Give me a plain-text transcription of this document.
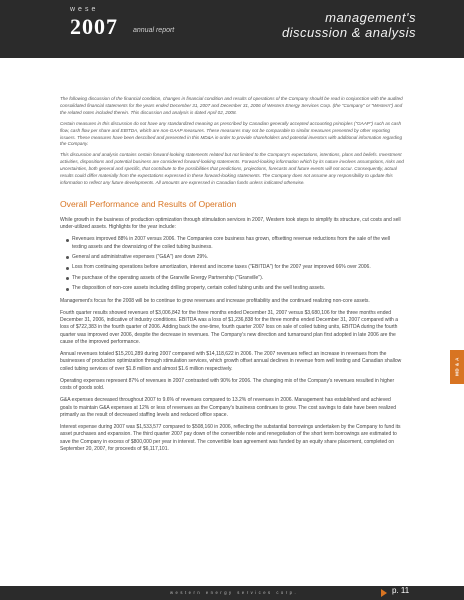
wese
2007 annual report
management's
discussion & analysis

The following discussion of the financial condition, changes in financial condition and results of operations of the Company should be read in conjunction with the audited consolidated financial statements for the years ended December 31, 2007 and December 31, 2006 of Western Energy Services Corp. (the "Company" or "Western") and the related notes included therein. This discussion and analysis is dated April 02, 2008.

Certain measures in this discussion do not have any standardized meaning as prescribed by Canadian generally accepted accounting principles ("GAAP") such as cash flow, cash flow per share and EBITDA, which are non-GAAP measures. These measures may not be comparable to similar measures presented by other reporting issuers. These measures have been described and presented in this MD&A in order to provide shareholders and potential investors with additional information regarding the Company.

This discussion and analysis contains certain forward-looking statements related but not limited to the Company's expectations, intentions, plans and beliefs. Investment activities, dispositions and potential business are considered forward-looking statements. Forward-looking information which by its nature involves assumptions, risks and uncertainties, both general and specific, that contribute to the possibilities that predictions, projections, forecasts and future events will not occur. Consequently, actual results could differ materially from the expectations expressed in these forward-looking statements. The Company does not assume any responsibility to update this information to reflect any future developments. All amounts are expressed in Canadian funds unless indicated otherwise.

Overall Performance and Results of Operation

While growth in the business of production optimization through stimulation services in 2007, Western took steps to simplify its structure, cut costs and sell under-utilized assets. Highlights for the year include:

Revenues improved 88% in 2007 versus 2006. The Companies core business has grown, offsetting revenue reductions from the sale of the well testing assets and the downsizing of the coiled tubing business.
General and administrative expenses ("G&A") are down 29%.
Loss from continuing operations before amortization, interest and income taxes ("EBITDA") for the 2007 year improved 66% over 2006.
The purchase of the operating assets of the Granville Energy Partnership ("Granville").
The disposition of non-core assets including drilling property, certain coiled tubing units and the well testing assets.

Management's focus for the 2008 will be to continue to grow revenues and increase profitability and the continued realizing non-core assets.

Fourth quarter results showed revenues of $3,006,842 for the three months ended December 31, 2007 versus $3,680,106 for the three months ended December 31, 2006, indicative of industry conditions. EBITDA was a loss of $1,236,838 for the three months ended December 31, 2007 compared with a loss of $722,383 in the fourth quarter of 2006. Adding back the one-time, fourth quarter 2007 loss on sale of coiled tubing units, EBITDA during the fourth quarter was improved over 2006, despite the decrease in revenues. The Company's new direction and turnaround plan first adopted in late 2006 are the cause of the improved performance.

Annual revenues totaled $15,201,289 during 2007 compared with $14,118,622 in 2006. The 2007 revenues reflect an increase in revenues from the businesses of production optimization through stimulation services, which growth offset annual declines in revenue from well testing and Canadian shallow coiled tubing services of over $1.8 million and almost $1.6 million respectively.

Operating expenses represent 87% of revenues in 2007 contrasted with 90% for 2006. The changing mix of the Company's revenues resulted in higher costs of goods sold.

G&A expenses decreased throughout 2007 to 9.6% of revenues compared to 13.2% of revenues in 2006. Management has established and achieved goals to maintain G&A expenses at 12% or less of revenues as the Company's business continues to grow. The cost savings to date have been realized primarily as the result of decreased staffing levels and reduced office space.

Interest expense during 2007 was $1,533,577 compared to $508,160 in 2006, reflecting the substantial borrowings undertaken by the Company to fund its asset purchases and expansion. The third quarter 2007 pay down of the convertible note and renegotiation of the short term borrowings are estimated to save the Company in excess of $800,000 per year in interest. The convertible loan agreement was funded by an equity share placement, completed on September 20, 2007, for proceeds of $6,117,101.

MD & A
western energy services corp.	p. 11
